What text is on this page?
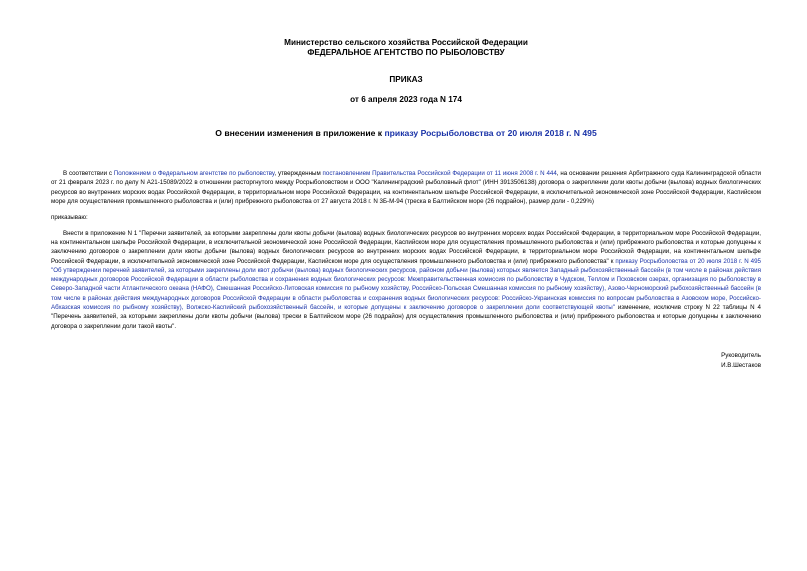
Министерство сельского хозяйства Российской Федерации
ФЕДЕРАЛЬНОЕ АГЕНТСТВО ПО РЫБОЛОВСТВУ
ПРИКАЗ
от 6 апреля 2023 года N 174
О внесении изменения в приложение к приказу Росрыболовства от 20 июля 2018 г. N 495

В соответствии с Положением о Федеральном агентстве по рыболовству, утвержденным постановлением Правительства Российской Федерации от 11 июня 2008 г. N 444, на основании решения Арбитражного суда Калининградской области от 21 февраля 2023 г. по делу N А21-15089/2022 в отношении расторгнутого между Росрыболовством и ООО "Калининградский рыболовный флот" (ИНН 3913506138) договора о закреплении доли квоты добычи (вылова) водных биологических ресурсов во внутренних морских водах Российской Федерации, в территориальном море Российской Федерации, на континентальном шельфе Российской Федерации, в исключительной экономической зоне Российской Федерации, Каспийском море для осуществления промышленного рыболовства и (или) прибрежного рыболовства от 27 августа 2018 г. N 3Б-М-94 (треска в Балтийском море (26 подрайон), размер доли - 0,229%)

приказываю:

Внести в приложение N 1 "Перечни заявителей, за которыми закреплены доли квоты добычи (вылова) водных биологических ресурсов во внутренних морских водах Российской Федерации, в территориальном море Российской Федерации, на континентальном шельфе Российской Федерации, в исключительной экономической зоне Российской Федерации, Каспийском море для осуществления промышленного рыболовства и (или) прибрежного рыболовства и которые допущены к заключению договоров о закреплении доли квоты добычи (вылова) водных биологических ресурсов во внутренних морских водах Российской Федерации, в территориальном море Российской Федерации, на континентальном шельфе Российской Федерации, в исключительной экономической зоне Российской Федерации, Каспийском море для осуществления промышленного рыболовства и (или) прибрежного рыболовства" к приказу Росрыболовства от 20 июля 2018 г. N 495 "Об утверждении перечней заявителей, за которыми закреплены доли квот добычи (вылова) водных биологических ресурсов, районом добычи (вылова) которых является Западный рыбохозяйственный бассейн (в том числе в районах действия международных договоров Российской Федерации в области рыболовства и сохранения водных биологических ресурсов: Межправительственная комиссия по рыболовству в Чудском, Теплом и Псковском озерах, организация по рыболовству в Северо-Западной части Атлантического океана (НАФО), Смешанная Российско-Литовская комиссия по рыбному хозяйству, Российско-Польская Смешанная комиссия по рыбному хозяйству), Азово-Черноморский рыбохозяйственный бассейн (в том числе в районах действия международных договоров Российской Федерации в области рыболовства и сохранения водных биологических ресурсов: Российско-Украинская комиссия по вопросам рыболовства в Азовском море, Российско-Абхазская комиссия по рыбному хозяйству), Волжско-Каспийский рыбохозяйственный бассейн, и которые допущены к заключению договоров о закреплении доли соответствующей квоты" изменение, исключив строку N 22 таблицы N 4 "Перечень заявителей, за которыми закреплены доли квоты добычи (вылова) трески в Балтийском море (26 подрайон) для осуществления промышленного рыболовства и (или) прибрежного рыболовства и которые допущены к заключению договора о закреплении доли такой квоты".

Руководитель
И.В.Шестаков
